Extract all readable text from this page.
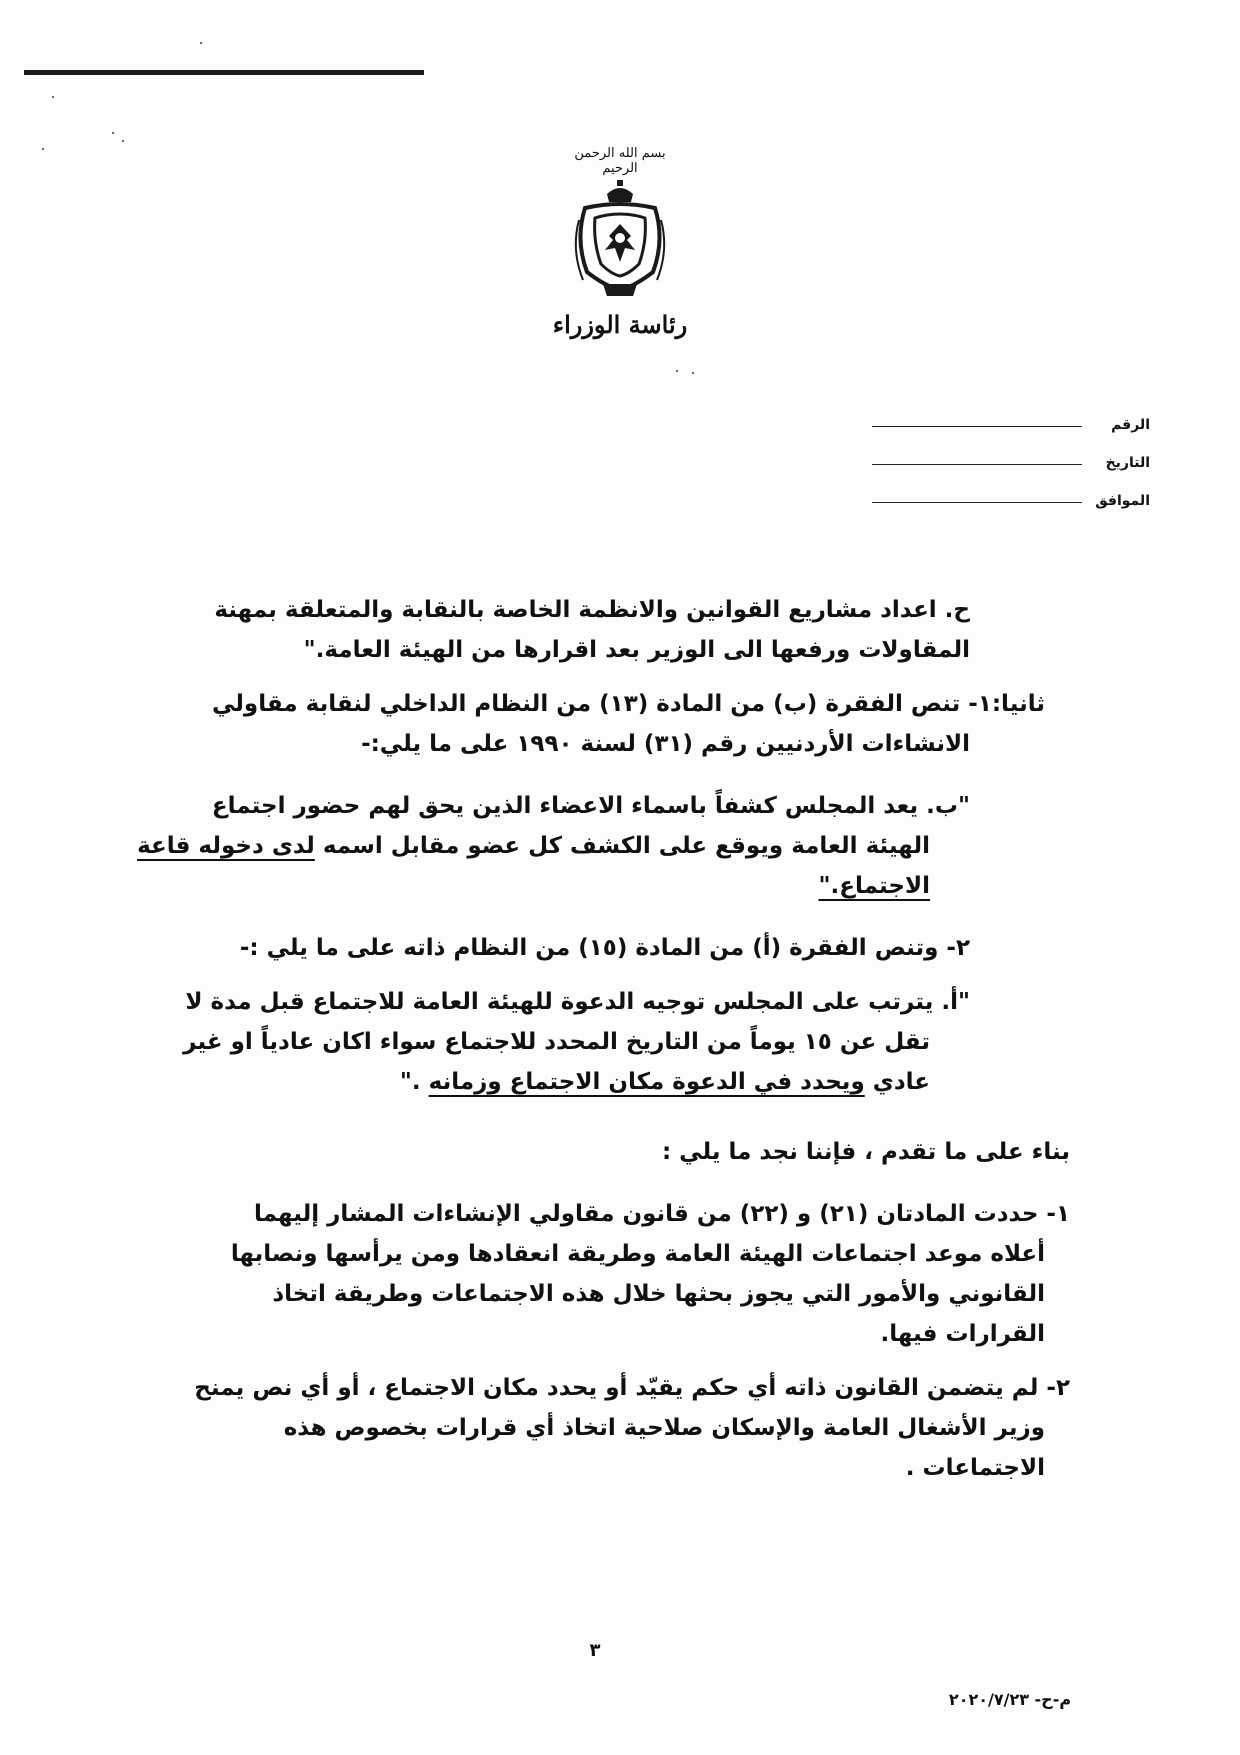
بسم الله الرحمن الرحيم
رئاسة الوزراء
الرقم
التاريخ
الموافق

ح. اعداد مشاريع القوانين والانظمة الخاصة بالنقابة والمتعلقة بمهنة

المقاولات ورفعها الى الوزير بعد اقرارها من الهيئة العامة."

ثانيا:١- تنص الفقرة (ب) من المادة (١٣) من النظام الداخلي لنقابة مقاولي

الانشاءات الأردنيين رقم (٣١) لسنة ١٩٩٠ على ما يلي:-

"ب. يعد المجلس كشفاً باسماء الاعضاء الذين يحق لهم حضور اجتماع

الهيئة العامة ويوقع على الكشف كل عضو مقابل اسمه لدى دخوله قاعة

الاجتماع."

٢- وتنص الفقرة (أ) من المادة (١٥) من النظام ذاته على ما يلي :-

"أ. يترتب على المجلس توجيه الدعوة للهيئة العامة للاجتماع قبل مدة لا

تقل عن ١٥ يوماً من التاريخ المحدد للاجتماع سواء اكان عادياً او غير

عادي ويحدد في الدعوة مكان الاجتماع وزمانه ."

بناء على ما تقدم ، فإننا نجد ما يلي :

١- حددت المادتان (٢١) و (٢٢) من قانون مقاولي الإنشاءات المشار إليهما

أعلاه موعد اجتماعات الهيئة العامة وطريقة انعقادها ومن يرأسها ونصابها

القانوني والأمور التي يجوز بحثها خلال هذه الاجتماعات وطريقة اتخاذ

القرارات فيها.

٢- لم يتضمن القانون ذاته أي حكم يقيّد أو يحدد مكان الاجتماع ، أو أي نص يمنح

وزير الأشغال العامة والإسكان صلاحية اتخاذ أي قرارات بخصوص هذه

الاجتماعات .

٣
م-ح- ٢٠٢٠/٧/٢٣
